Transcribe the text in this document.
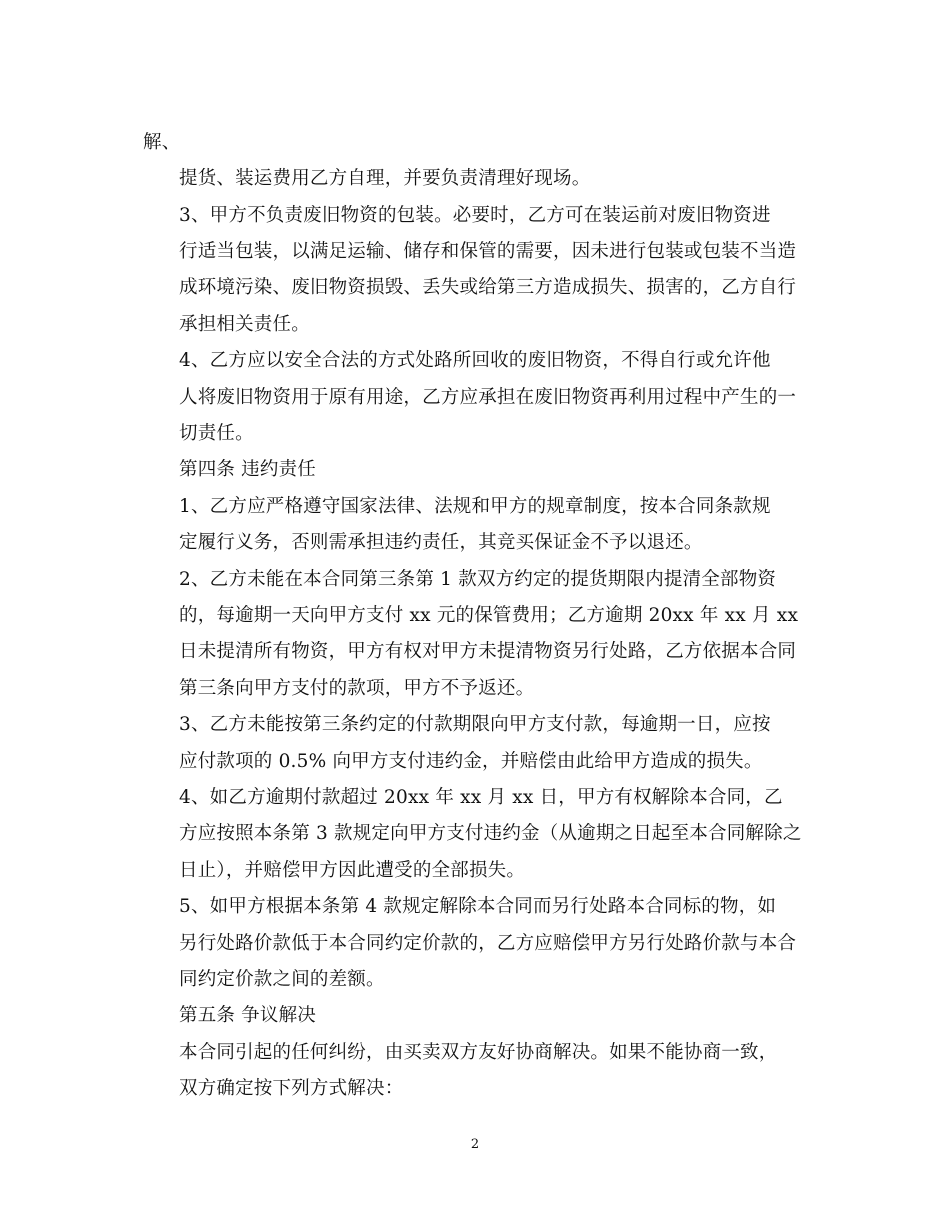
解、
提货、装运费用乙方自理，并要负责清理好现场。
3、甲方不负责废旧物资的包装。必要时，乙方可在装运前对废旧物资进
行适当包装，以满足运输、储存和保管的需要，因未进行包装或包装不当造
成环境污染、废旧物资损毁、丢失或给第三方造成损失、损害的，乙方自行
承担相关责任。
4、乙方应以安全合法的方式处路所回收的废旧物资，不得自行或允许他
人将废旧物资用于原有用途，乙方应承担在废旧物资再利用过程中产生的一
切责任。
第四条 违约责任
1、乙方应严格遵守国家法律、法规和甲方的规章制度，按本合同条款规
定履行义务，否则需承担违约责任，其竞买保证金不予以退还。
2、乙方未能在本合同第三条第 1 款双方约定的提货期限内提清全部物资
的，每逾期一天向甲方支付 xx 元的保管费用；乙方逾期 20xx 年 xx 月 xx
日未提清所有物资，甲方有权对甲方未提清物资另行处路，乙方依据本合同
第三条向甲方支付的款项，甲方不予返还。
3、乙方未能按第三条约定的付款期限向甲方支付款，每逾期一日，应按
应付款项的 0.5% 向甲方支付违约金，并赔偿由此给甲方造成的损失。
4、如乙方逾期付款超过 20xx 年 xx 月 xx 日，甲方有权解除本合同，乙
方应按照本条第 3 款规定向甲方支付违约金（从逾期之日起至本合同解除之
日止），并赔偿甲方因此遭受的全部损失。
5、如甲方根据本条第 4 款规定解除本合同而另行处路本合同标的物，如
另行处路价款低于本合同约定价款的，乙方应赔偿甲方另行处路价款与本合
同约定价款之间的差额。
第五条 争议解决
本合同引起的任何纠纷，由买卖双方友好协商解决。如果不能协商一致，
双方确定按下列方式解决：
2
